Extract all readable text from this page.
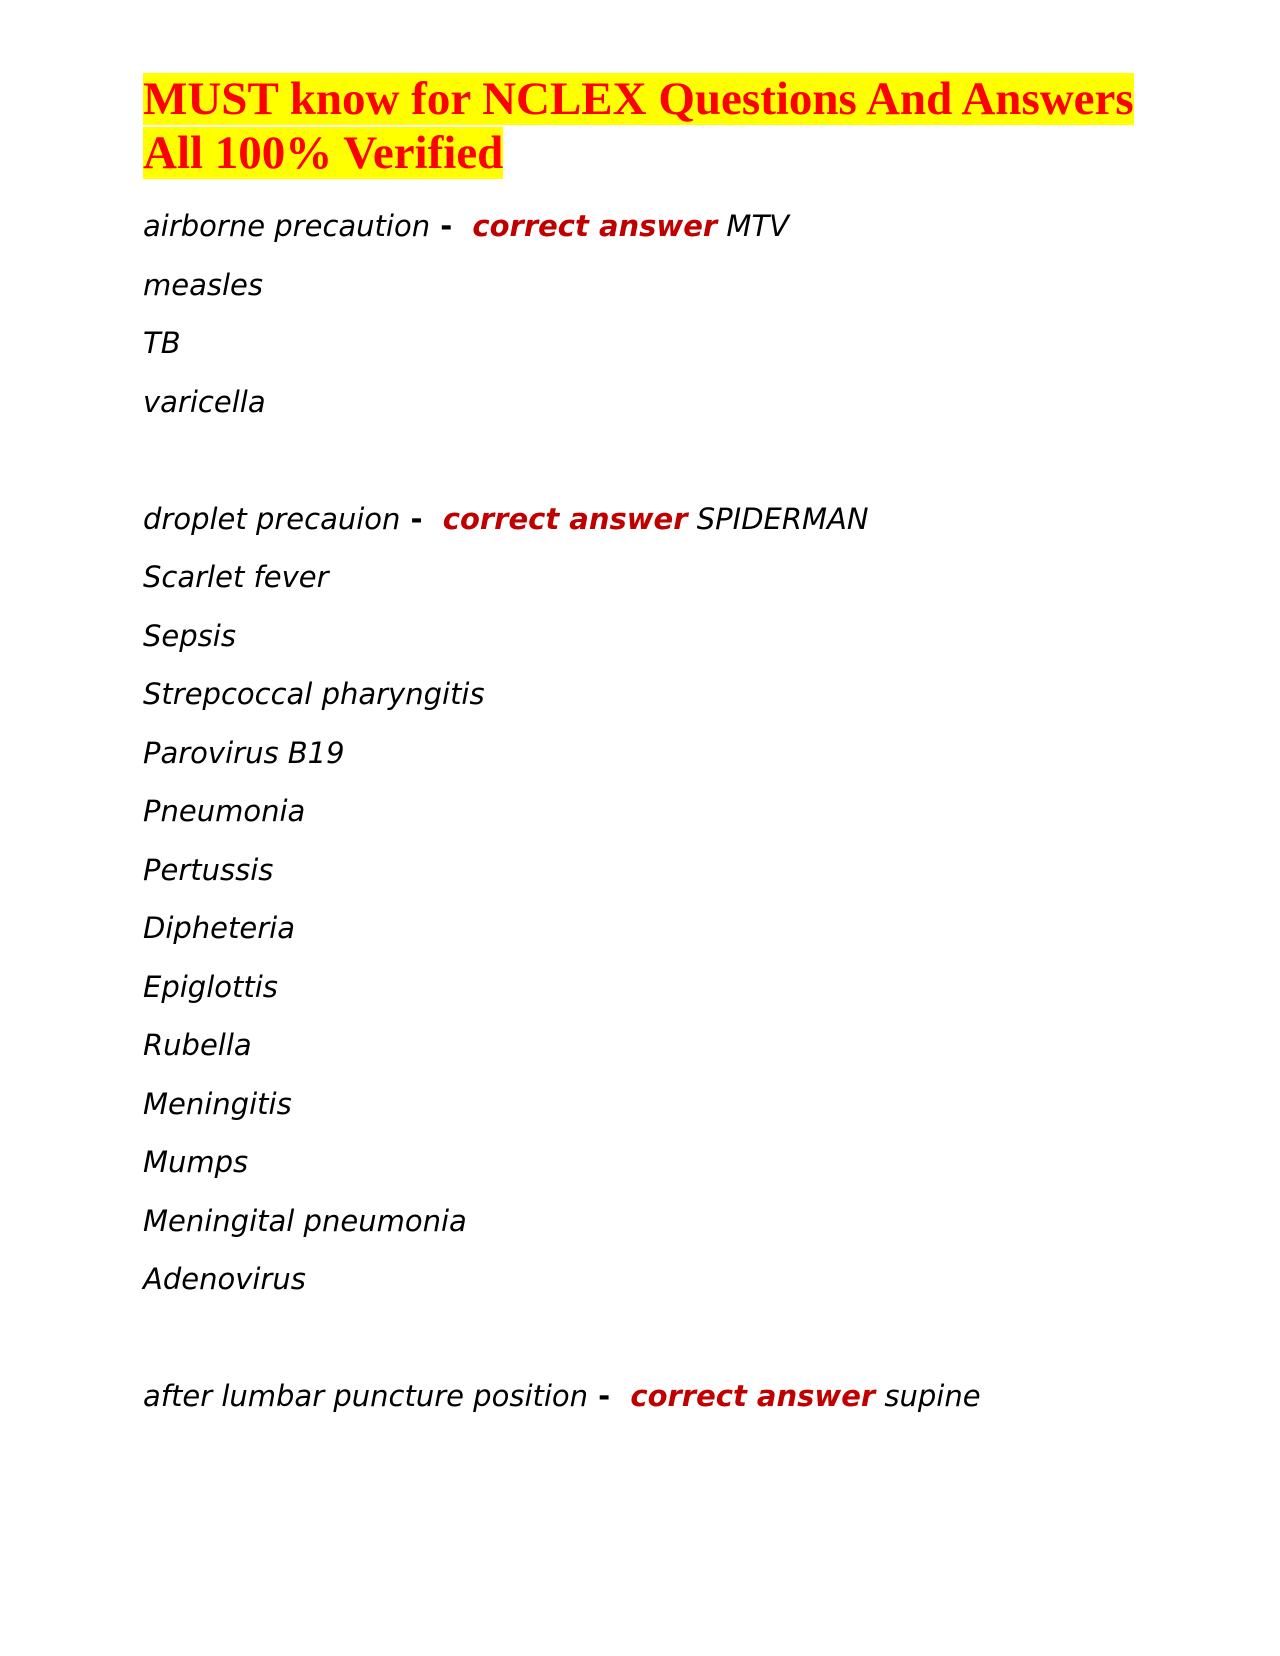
MUST know for NCLEX Questions And Answers All 100% Verified
airborne precaution -  correct answer MTV
measles
TB
varicella
droplet precauion -  correct answer SPIDERMAN
Scarlet fever
Sepsis
Strepcoccal pharyngitis
Parovirus B19
Pneumonia
Pertussis
Dipheteria
Epiglottis
Rubella
Meningitis
Mumps
Meningital pneumonia
Adenovirus
after lumbar puncture position -  correct answer supine
